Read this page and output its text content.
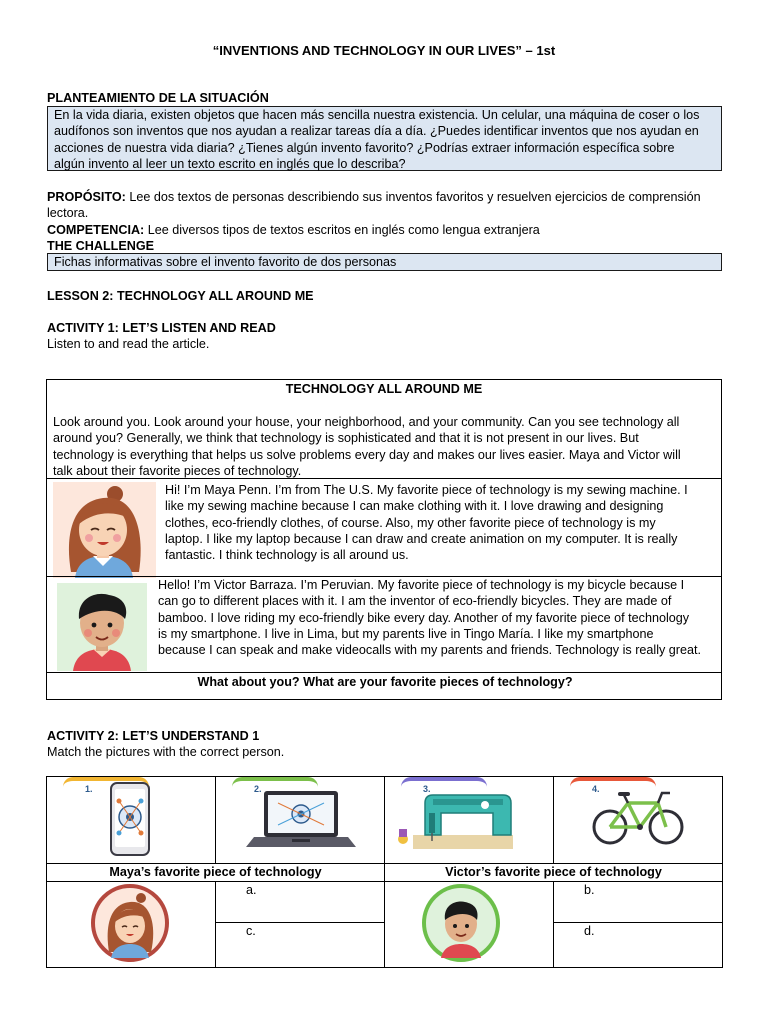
“INVENTIONS AND TECHNOLOGY IN OUR LIVES” – 1st
PLANTEAMIENTO DE LA SITUACIÓN
En la vida diaria, existen objetos que hacen más sencilla nuestra existencia. Un celular, una máquina de coser o los
audífonos son inventos que nos ayudan a realizar tareas día a día. ¿Puedes identificar inventos que nos ayudan en
acciones de nuestra vida diaria? ¿Tienes algún invento favorito? ¿Podrías extraer información específica sobre
algún invento al leer un texto escrito en inglés que lo describa?
PROPÓSITO: Lee dos textos de personas describiendo sus inventos favoritos y resuelven ejercicios de comprensión
lectora.
COMPETENCIA: Lee diversos tipos de textos escritos en inglés como lengua extranjera
THE CHALLENGE
Fichas informativas sobre el invento favorito de dos personas
LESSON 2: TECHNOLOGY ALL AROUND ME
ACTIVITY 1: LET’S LISTEN AND READ
Listen to and read the article.
TECHNOLOGY ALL AROUND ME
Look around you. Look around your house, your neighborhood, and your community. Can you see technology all
around you? Generally, we think that technology is sophisticated and that it is not present in our lives. But
technology is everything that helps us solve problems every day and makes our lives easier. Maya and Victor will
talk about their favorite pieces of technology.
Hi! I’m Maya Penn. I’m from The U.S. My favorite piece of technology is my sewing machine. I
like my sewing machine because I can make clothing with it. I love drawing and designing
clothes, eco-friendly clothes, of course. Also, my other favorite piece of technology is my
laptop. I like my laptop because I can draw and create animation on my computer. It is really
fantastic. I think technology is all around us.
Hello! I’m Victor Barraza. I’m Peruvian. My favorite piece of technology is my bicycle because I
can go to different places with it. I am the inventor of eco-friendly bicycles. They are made of
bamboo. I love riding my eco-friendly bike every day. Another of my favorite piece of technology
is my smartphone. I live in Lima, but my parents live in Tingo María. I like my smartphone
because I can speak and make videocalls with my parents and friends. Technology is really great.
What about you? What are your favorite pieces of technology?
ACTIVITY 2: LET’S UNDERSTAND 1
Match the pictures with the correct person.
1.	2.	3.	4.

Maya’s favorite piece of technology		Victor’s favorite piece of technology	
	a.		b.
	c.		d.
